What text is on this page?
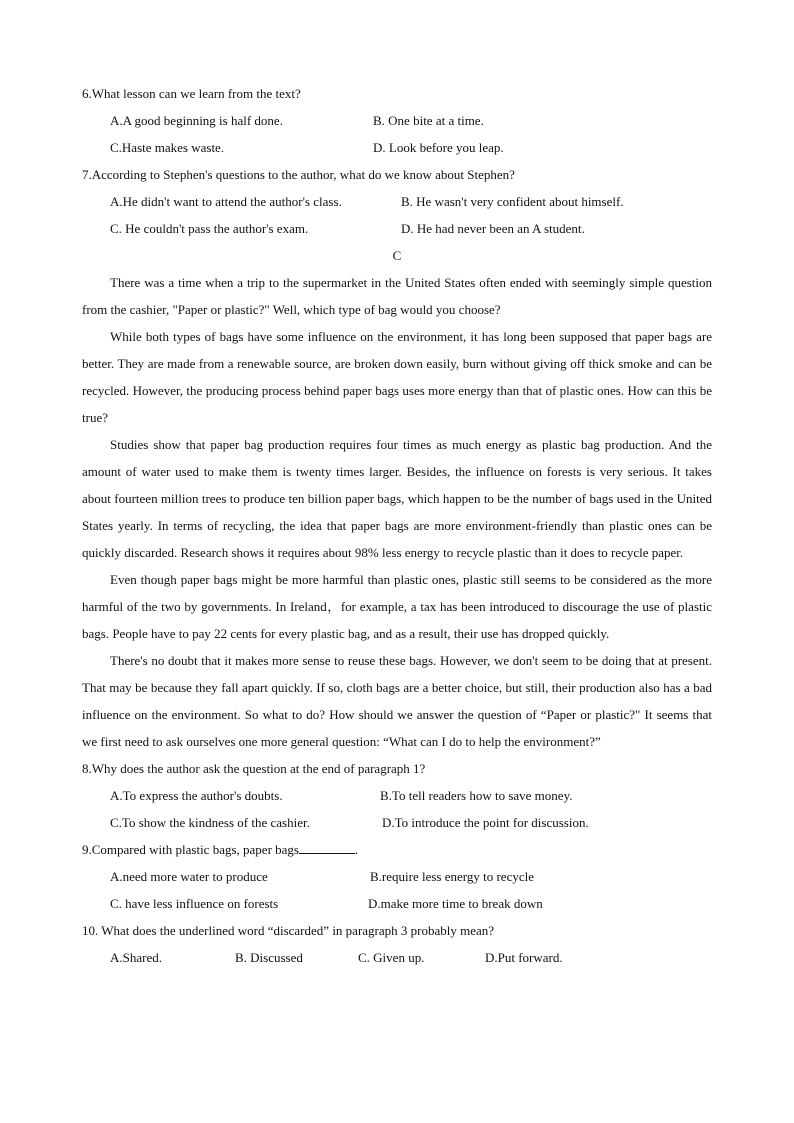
6.What lesson can we learn from the text?
A.A good beginning is half done.	B. One bite at a time.
C.Haste makes waste.	D. Look before you leap.
7.According to Stephen's questions to the author, what do we know about Stephen?
A.He didn't want to attend the author's class.	B. He wasn't very confident about himself.
C. He couldn't pass the author's exam.	D. He had never been an A student.
C
There was a time when a trip to the supermarket in the United States often ended with seemingly simple question from the cashier, "Paper or plastic?" Well, which type of bag would you choose?
While both types of bags have some influence on the environment, it has long been supposed that paper bags are better. They are made from a renewable source, are broken down easily, burn without giving off thick smoke and can be recycled. However, the producing process behind paper bags uses more energy than that of plastic ones. How can this be true?
Studies show that paper bag production requires four times as much energy as plastic bag production. And the amount of water used to make them is twenty times larger. Besides, the influence on forests is very serious. It takes about fourteen million trees to produce ten billion paper bags, which happen to be the number of bags used in the United States yearly. In terms of recycling, the idea that paper bags are more environment-friendly than plastic ones can be quickly discarded. Research shows it requires about 98% less energy to recycle plastic than it does to recycle paper.
Even though paper bags might be more harmful than plastic ones, plastic still seems to be considered as the more harmful of the two by governments. In Ireland，for example, a tax has been introduced to discourage the use of plastic bags. People have to pay 22 cents for every plastic bag, and as a result, their use has dropped quickly.
There's no doubt that it makes more sense to reuse these bags. However, we don't seem to be doing that at present. That may be because they fall apart quickly. If so, cloth bags are a better choice, but still, their production also has a bad influence on the environment. So what to do? How should we answer the question of “Paper or plastic?" It seems that we first need to ask ourselves one more general question: “What can I do to help the environment?”
8.Why does the author ask the question at the end of paragraph 1?
A.To express the author's doubts.	B.To tell readers how to save money.
C.To show the kindness of the cashier.	D.To introduce the point for discussion.
9.Compared with plastic bags, paper bags	.
A.need more water to produce	B.require less energy to recycle
C. have less influence on forests	D.make more time to break down
10. What does the underlined word “discarded” in paragraph 3 probably mean?
A.Shared.	B. Discussed	C. Given up.	D.Put forward.
